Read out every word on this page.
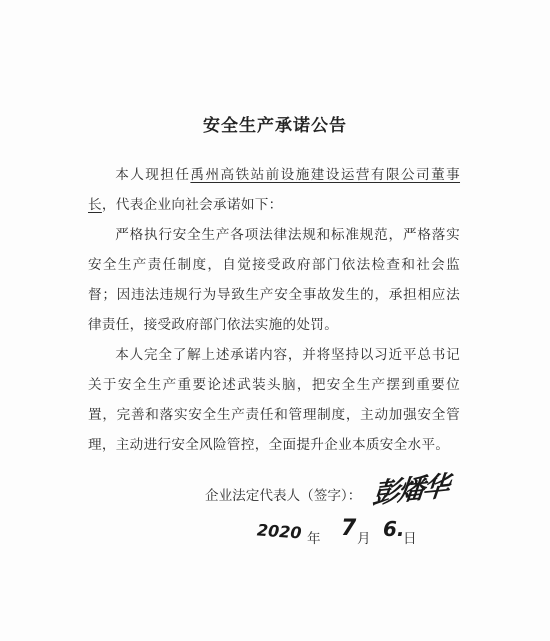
安全生产承诺公告

本人现担任禹州高铁站前设施建设运营有限公司董事长，代表企业向社会承诺如下：

严格执行安全生产各项法律法规和标准规范，严格落实安全生产责任制度，自觉接受政府部门依法检查和社会监督；因违法违规行为导致生产安全事故发生的，承担相应法律责任，接受政府部门依法实施的处罚。

本人完全了解上述承诺内容，并将坚持以习近平总书记关于安全生产重要论述武装头脑，把安全生产摆到重要位置，完善和落实安全生产责任和管理制度，主动加强安全管理，主动进行安全风险管控，全面提升企业本质安全水平。

企业法定代表人（签字）： 彭燔华
2020 年 7 月 6.
日
